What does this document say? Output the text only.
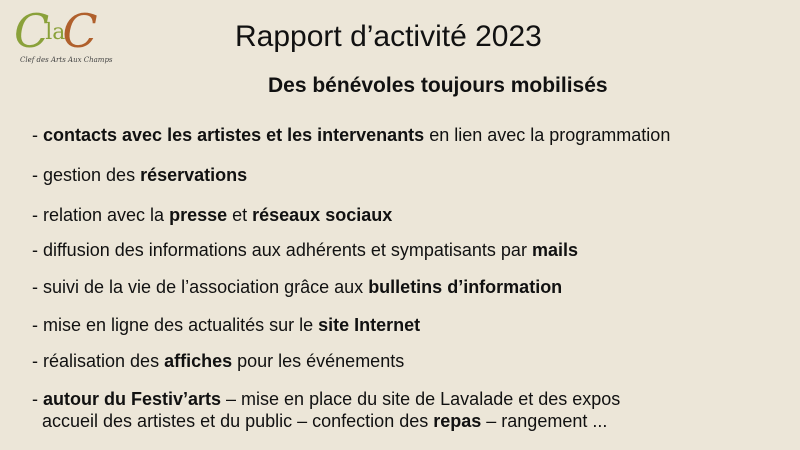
C
la
C
Clef des Arts Aux Champs
Rapport d’activité 2023
Des bénévoles toujours mobilisés
- contacts avec les artistes et les intervenants en lien avec la programmation
- gestion des réservations
- relation avec la presse et réseaux sociaux
- diffusion des informations aux adhérents et sympatisants par mails
- suivi de la vie de l’association grâce aux bulletins d’information
- mise en ligne des actualités sur le site Internet
- réalisation des affiches pour les événements
- autour du Festiv’arts – mise en place du site de Lavalade et des expos
accueil des artistes et du public – confection des repas – rangement ...
